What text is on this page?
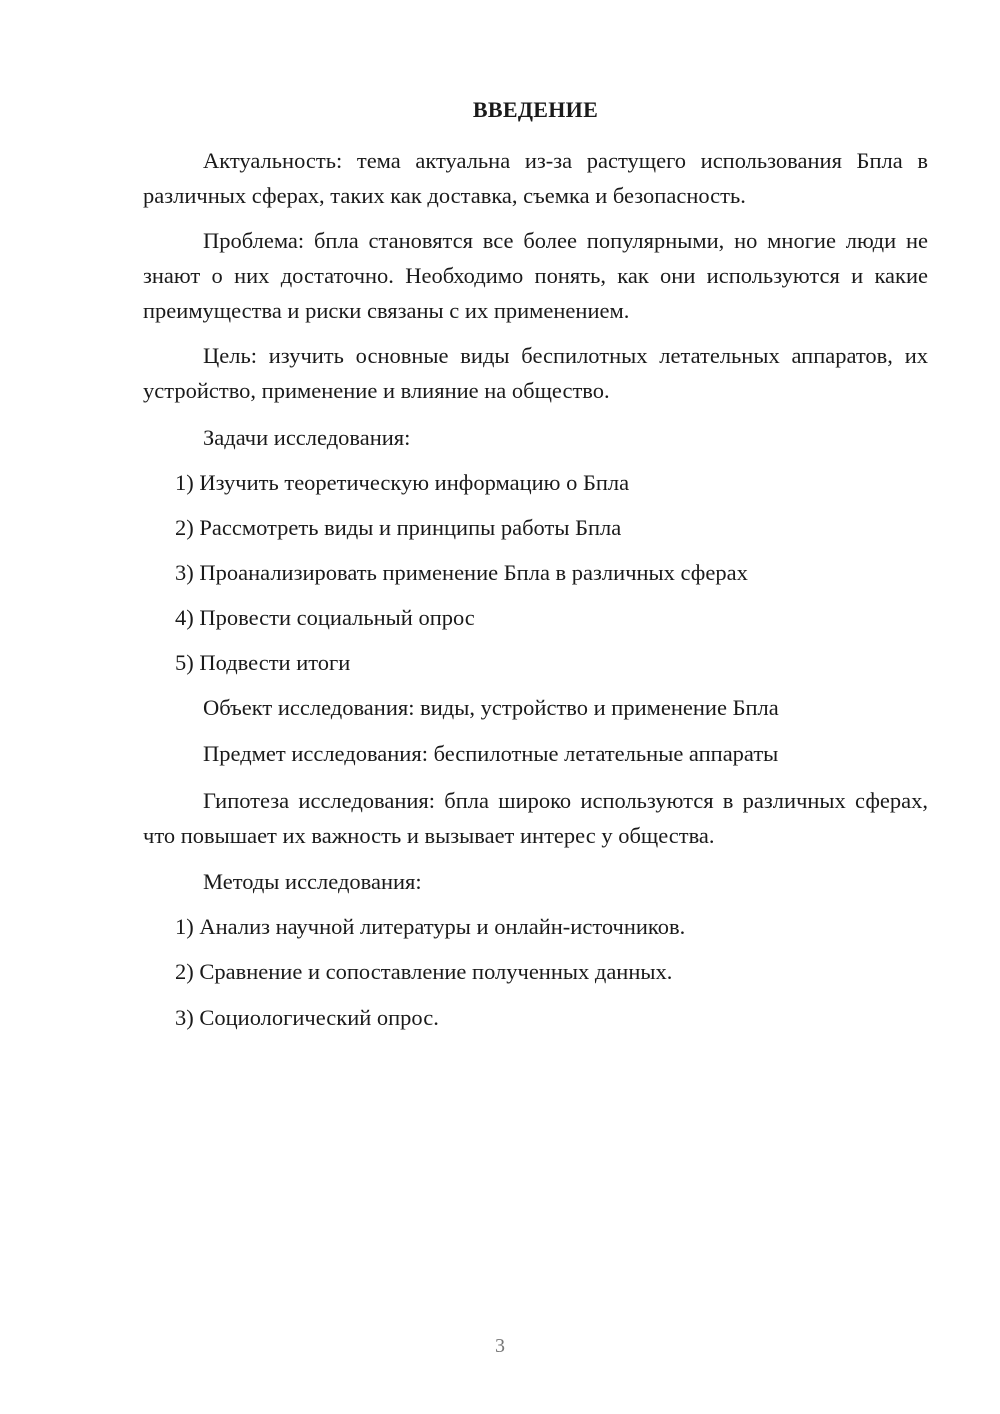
ВВЕДЕНИЕ

Актуальность: тема актуальна из-за растущего использования Бпла в различных сферах, таких как доставка, съемка и безопасность.

Проблема: бпла становятся все более популярными, но многие люди не знают о них достаточно. Необходимо понять, как они используются и какие преимущества и риски связаны с их применением.

Цель: изучить основные виды беспилотных летательных аппаратов, их устройство, применение и влияние на общество.

Задачи исследования:
1) Изучить теоретическую информацию о Бпла
2) Рассмотреть виды и принципы работы Бпла
3) Проанализировать применение Бпла в различных сферах
4) Провести социальный опрос
5) Подвести итоги
Объект исследования: виды, устройство и применение Бпла
Предмет исследования: беспилотные летательные аппараты

Гипотеза исследования: бпла широко используются в различных сферах, что повышает их важность и вызывает интерес у общества.

Методы исследования:
1) Анализ научной литературы и онлайн-источников.
2) Сравнение и сопоставление полученных данных.
3) Социологический опрос.
3
